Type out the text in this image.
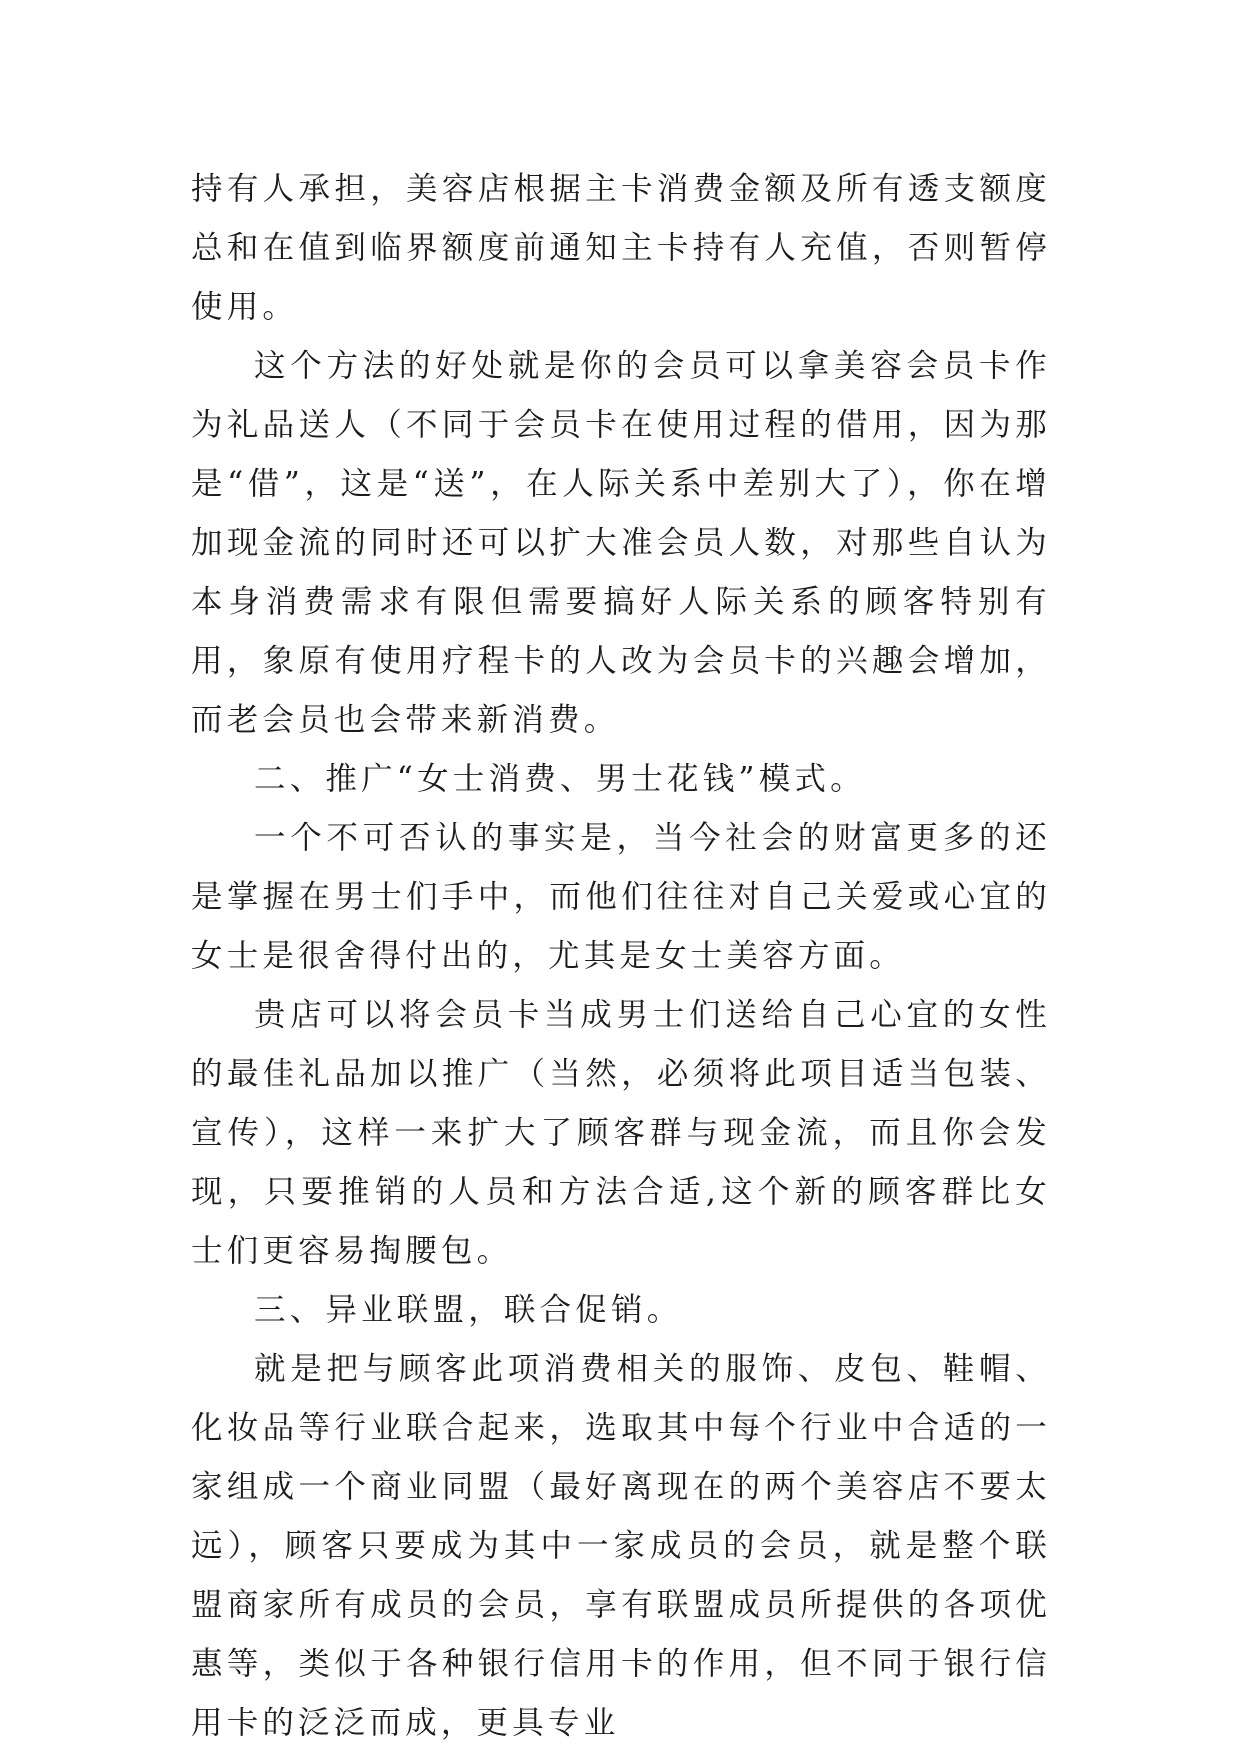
持有人承担，美容店根据主卡消费金额及所有透支额度总和在值到临界额度前通知主卡持有人充值，否则暂停使用。

这个方法的好处就是你的会员可以拿美容会员卡作为礼品送人（不同于会员卡在使用过程的借用，因为那是“借”，这是“送”，在人际关系中差别大了），你在增加现金流的同时还可以扩大准会员人数，对那些自认为本身消费需求有限但需要搞好人际关系的顾客特别有用，象原有使用疗程卡的人改为会员卡的兴趣会增加，而老会员也会带来新消费。

二、推广“女士消费、男士花钱”模式。

一个不可否认的事实是，当今社会的财富更多的还是掌握在男士们手中，而他们往往对自己关爱或心宜的女士是很舍得付出的，尤其是女士美容方面。

贵店可以将会员卡当成男士们送给自己心宜的女性的最佳礼品加以推广（当然，必须将此项目适当包装、宣传），这样一来扩大了顾客群与现金流，而且你会发现，只要推销的人员和方法合适,这个新的顾客群比女士们更容易掏腰包。

三、异业联盟，联合促销。

就是把与顾客此项消费相关的服饰、皮包、鞋帽、化妆品等行业联合起来，选取其中每个行业中合适的一家组成一个商业同盟（最好离现在的两个美容店不要太远），顾客只要成为其中一家成员的会员，就是整个联盟商家所有成员的会员，享有联盟成员所提供的各项优惠等，类似于各种银行信用卡的作用，但不同于银行信用卡的泛泛而成，更具专业
